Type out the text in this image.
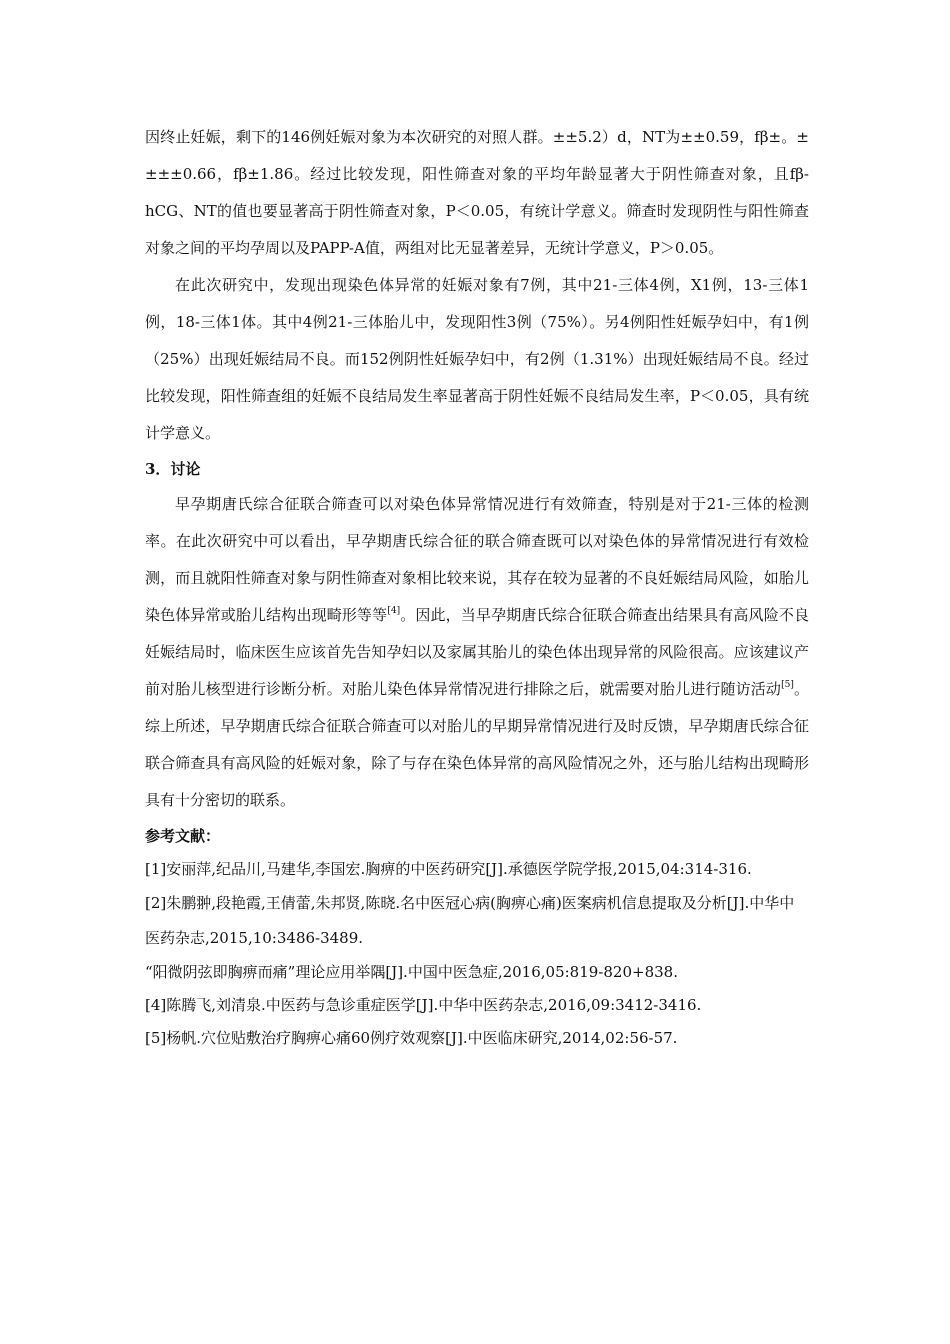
因终止妊娠，剩下的146例妊娠对象为本次研究的对照人群。±±5.2）d，NT为±±0.59，fβ±。±±±±0.66，fβ±1.86。经过比较发现，阳性筛查对象的平均年龄显著大于阴性筛查对象，且fβ-hCG、NT的值也要显著高于阴性筛查对象，P＜0.05，有统计学意义。筛查时发现阴性与阳性筛查对象之间的平均孕周以及PAPP-A值，两组对比无显著差异，无统计学意义，P＞0.05。

在此次研究中，发现出现染色体异常的妊娠对象有7例，其中21-三体4例，X1例，13-三体1例，18-三体1体。其中4例21-三体胎儿中，发现阳性3例（75%）。另4例阳性妊娠孕妇中，有1例（25%）出现妊娠结局不良。而152例阴性妊娠孕妇中，有2例（1.31%）出现妊娠结局不良。经过比较发现，阳性筛查组的妊娠不良结局发生率显著高于阴性妊娠不良结局发生率，P＜0.05，具有统计学意义。

3．讨论

早孕期唐氏综合征联合筛查可以对染色体异常情况进行有效筛查，特别是对于21-三体的检测率。在此次研究中可以看出，早孕期唐氏综合征的联合筛查既可以对染色体的异常情况进行有效检测，而且就阳性筛查对象与阴性筛查对象相比较来说，其存在较为显著的不良妊娠结局风险，如胎儿染色体异常或胎儿结构出现畸形等等[4]。因此，当早孕期唐氏综合征联合筛查出结果具有高风险不良妊娠结局时，临床医生应该首先告知孕妇以及家属其胎儿的染色体出现异常的风险很高。应该建议产前对胎儿核型进行诊断分析。对胎儿染色体异常情况进行排除之后，就需要对胎儿进行随访活动[5]。综上所述，早孕期唐氏综合征联合筛查可以对胎儿的早期异常情况进行及时反馈，早孕期唐氏综合征联合筛查具有高风险的妊娠对象，除了与存在染色体异常的高风险情况之外，还与胎儿结构出现畸形具有十分密切的联系。

参考文献：

[1]安丽萍,纪品川,马建华,李国宏.胸痹的中医药研究[J].承德医学院学报,2015,04:314-316.

[2]朱鹏翀,段艳霞,王倩蕾,朱邦贤,陈晓.名中医冠心病(胸痹心痛)医案病机信息提取及分析[J].中华中医药杂志,2015,10:3486-3489.

“阳微阴弦即胸痹而痛”理论应用举隅[J].中国中医急症,2016,05:819-820+838.

[4]陈腾飞,刘清泉.中医药与急诊重症医学[J].中华中医药杂志,2016,09:3412-3416.

[5]杨帆.穴位贴敷治疗胸痹心痛60例疗效观察[J].中医临床研究,2014,02:56-57.
